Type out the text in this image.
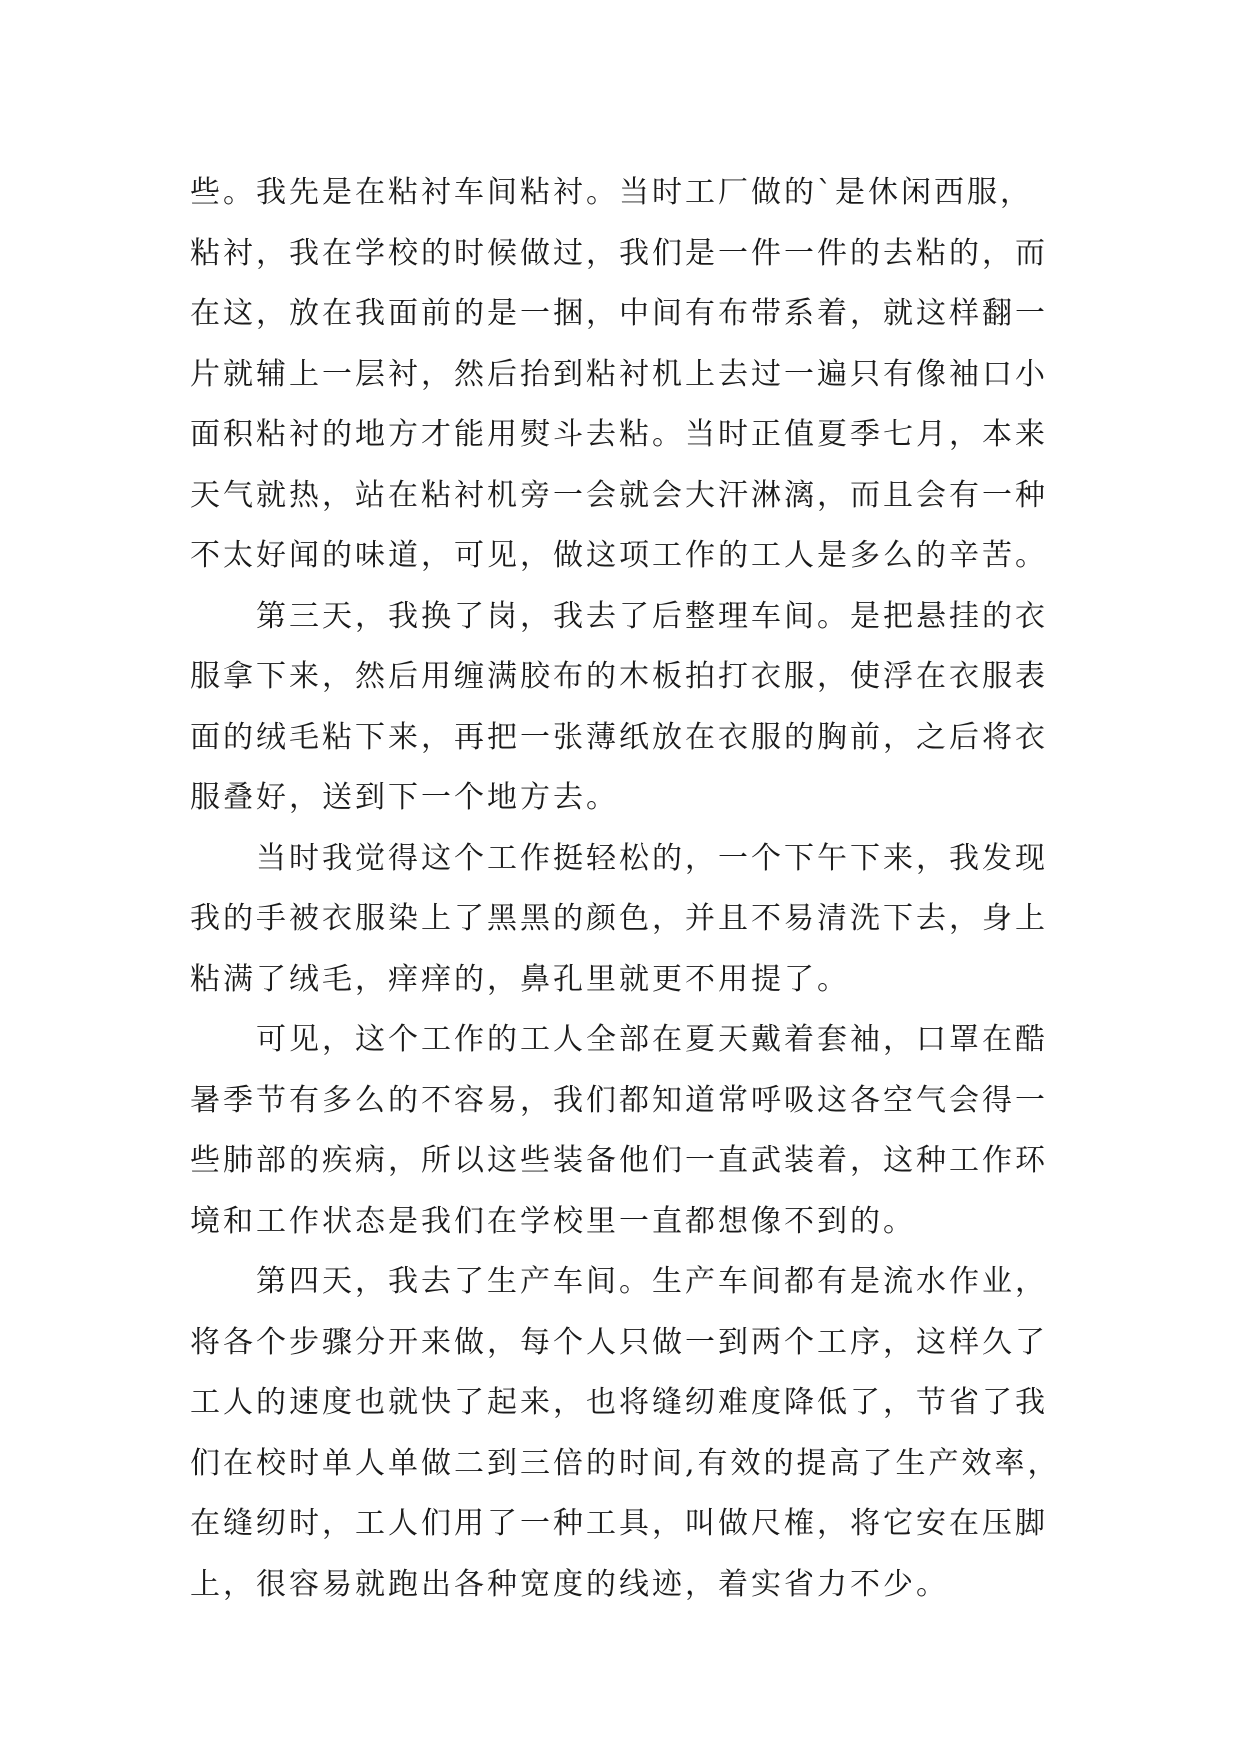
些。我先是在粘衬车间粘衬。当时工厂做的`是休闲西服，
粘衬，我在学校的时候做过，我们是一件一件的去粘的，而
在这，放在我面前的是一捆，中间有布带系着，就这样翻一
片就辅上一层衬，然后抬到粘衬机上去过一遍只有像袖口小
面积粘衬的地方才能用熨斗去粘。当时正值夏季七月，本来
天气就热，站在粘衬机旁一会就会大汗淋漓，而且会有一种
不太好闻的味道，可见，做这项工作的工人是多么的辛苦。
第三天，我换了岗，我去了后整理车间。是把悬挂的衣
服拿下来，然后用缠满胶布的木板拍打衣服，使浮在衣服表
面的绒毛粘下来，再把一张薄纸放在衣服的胸前，之后将衣
服叠好，送到下一个地方去。
当时我觉得这个工作挺轻松的，一个下午下来，我发现
我的手被衣服染上了黑黑的颜色，并且不易清洗下去，身上
粘满了绒毛，痒痒的，鼻孔里就更不用提了。
可见，这个工作的工人全部在夏天戴着套袖，口罩在酷
暑季节有多么的不容易，我们都知道常呼吸这各空气会得一
些肺部的疾病，所以这些装备他们一直武装着，这种工作环
境和工作状态是我们在学校里一直都想像不到的。
第四天，我去了生产车间。生产车间都有是流水作业，
将各个步骤分开来做，每个人只做一到两个工序，这样久了
工人的速度也就快了起来，也将缝纫难度降低了，节省了我
们在校时单人单做二到三倍的时间,有效的提高了生产效率，
在缝纫时，工人们用了一种工具，叫做尺榷，将它安在压脚
上，很容易就跑出各种宽度的线迹，着实省力不少。
